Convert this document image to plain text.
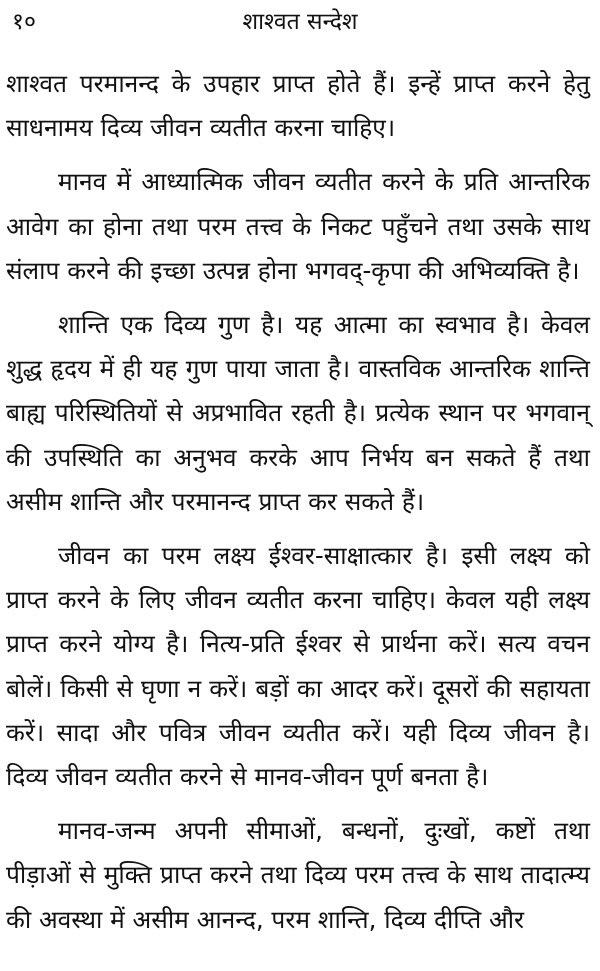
१०	शाश्वत सन्देश

शाश्वत परमानन्द के उपहार प्राप्त होते हैं। इन्हें प्राप्त करने हेतु साधनामय दिव्य जीवन व्यतीत करना चाहिए।

मानव में आध्यात्मिक जीवन व्यतीत करने के प्रति आन्तरिक आवेग का होना तथा परम तत्त्व के निकट पहुँचने तथा उसके साथ संलाप करने की इच्छा उत्पन्न होना भगवद्-कृपा की अभिव्यक्ति है।

शान्ति एक दिव्य गुण है। यह आत्मा का स्वभाव है। केवल शुद्ध हृदय में ही यह गुण पाया जाता है। वास्तविक आन्तरिक शान्ति बाह्य परिस्थितियों से अप्रभावित रहती है। प्रत्येक स्थान पर भगवान् की उपस्थिति का अनुभव करके आप निर्भय बन सकते हैं तथा असीम शान्ति और परमानन्द प्राप्त कर सकते हैं।

जीवन का परम लक्ष्य ईश्वर-साक्षात्कार है। इसी लक्ष्य को प्राप्त करने के लिए जीवन व्यतीत करना चाहिए। केवल यही लक्ष्य प्राप्त करने योग्य है। नित्य-प्रति ईश्वर से प्रार्थना करें। सत्य वचन बोलें। किसी से घृणा न करें। बड़ों का आदर करें। दूसरों की सहायता करें। सादा और पवित्र जीवन व्यतीत करें। यही दिव्य जीवन है। दिव्य जीवन व्यतीत करने से मानव-जीवन पूर्ण बनता है।

मानव-जन्म अपनी सीमाओं, बन्धनों, दुःखों, कष्टों तथा पीड़ाओं से मुक्ति प्राप्त करने तथा दिव्य परम तत्त्व के साथ तादात्म्य की अवस्था में असीम आनन्द, परम शान्ति, दिव्य दीप्ति और
